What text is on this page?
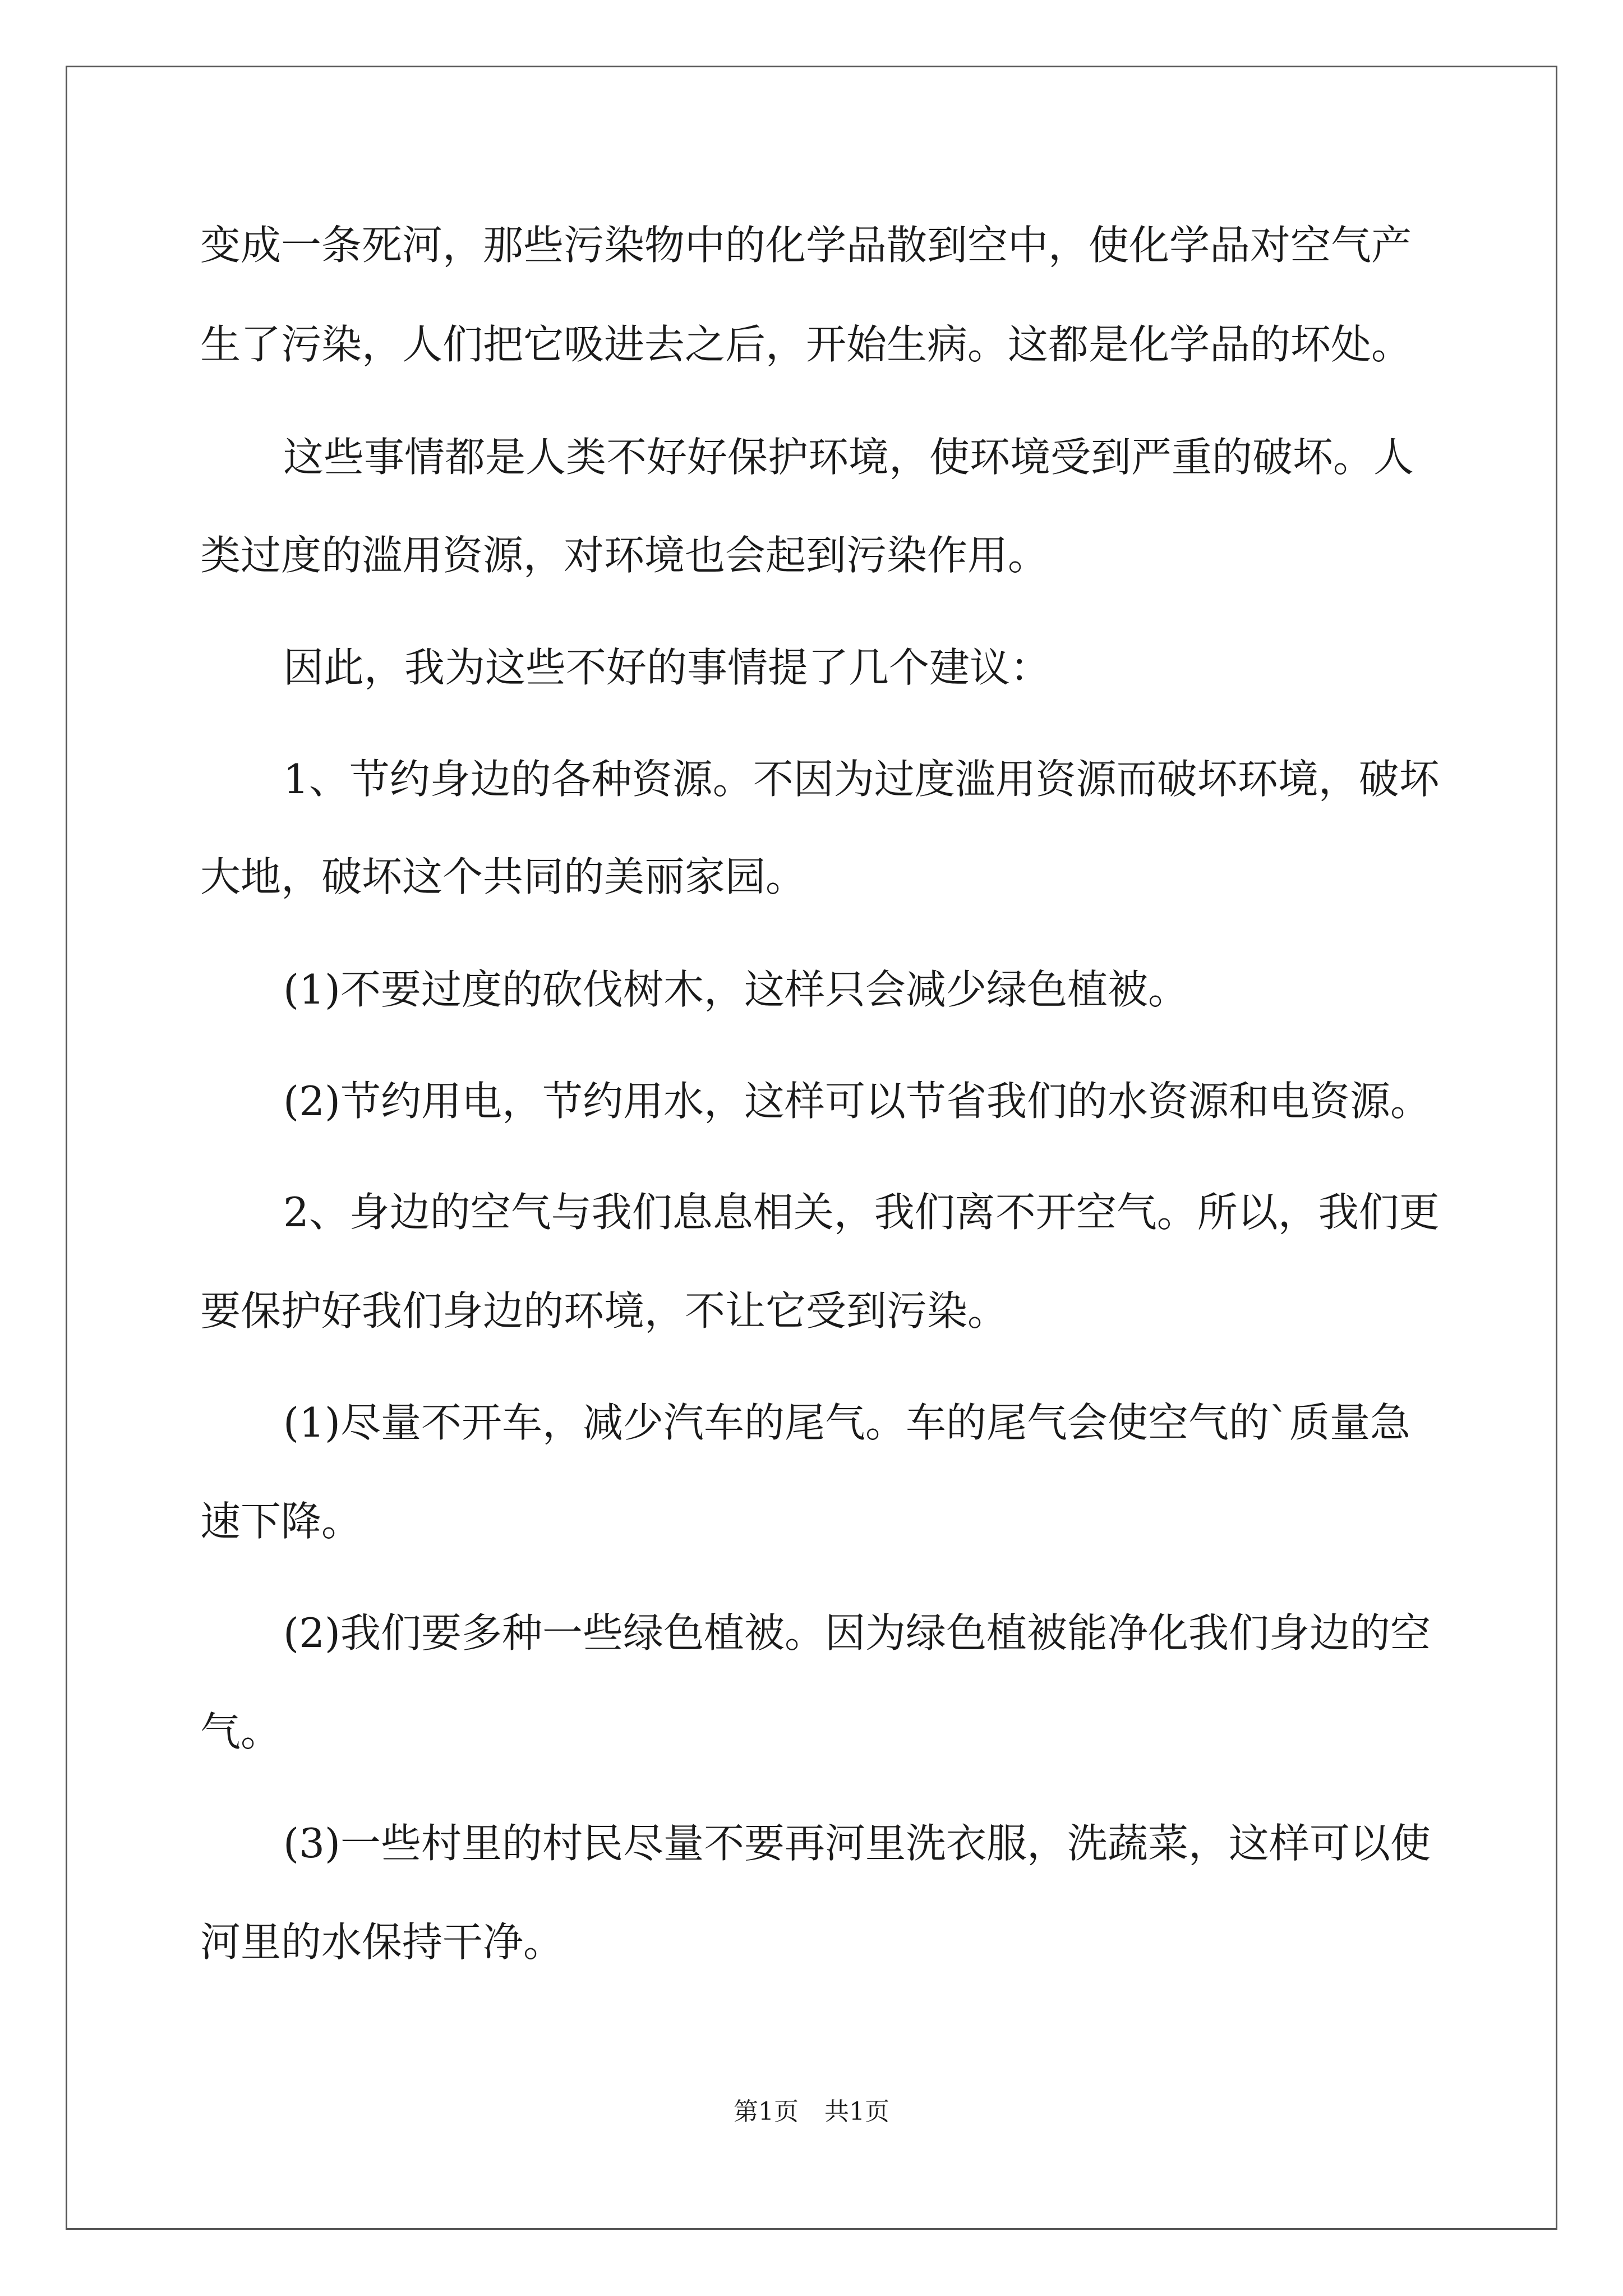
变成一条死河，那些污染物中的化学品散到空中，使化学品对空气产
生了污染，人们把它吸进去之后，开始生病。这都是化学品的坏处。
这些事情都是人类不好好保护环境，使环境受到严重的破坏。人
类过度的滥用资源，对环境也会起到污染作用。
因此，我为这些不好的事情提了几个建议：
1、节约身边的各种资源。不因为过度滥用资源而破坏环境，破坏
大地，破坏这个共同的美丽家园。
(1)不要过度的砍伐树木，这样只会减少绿色植被。
(2)节约用电，节约用水，这样可以节省我们的水资源和电资源。
2、身边的空气与我们息息相关，我们离不开空气。所以，我们更
要保护好我们身边的环境，不让它受到污染。
(1)尽量不开车，减少汽车的尾气。车的尾气会使空气的`质量急
速下降。
(2)我们要多种一些绿色植被。因为绿色植被能净化我们身边的空
气。
(3)一些村里的村民尽量不要再河里洗衣服，洗蔬菜，这样可以使
河里的水保持干净。
第1页 共1页
